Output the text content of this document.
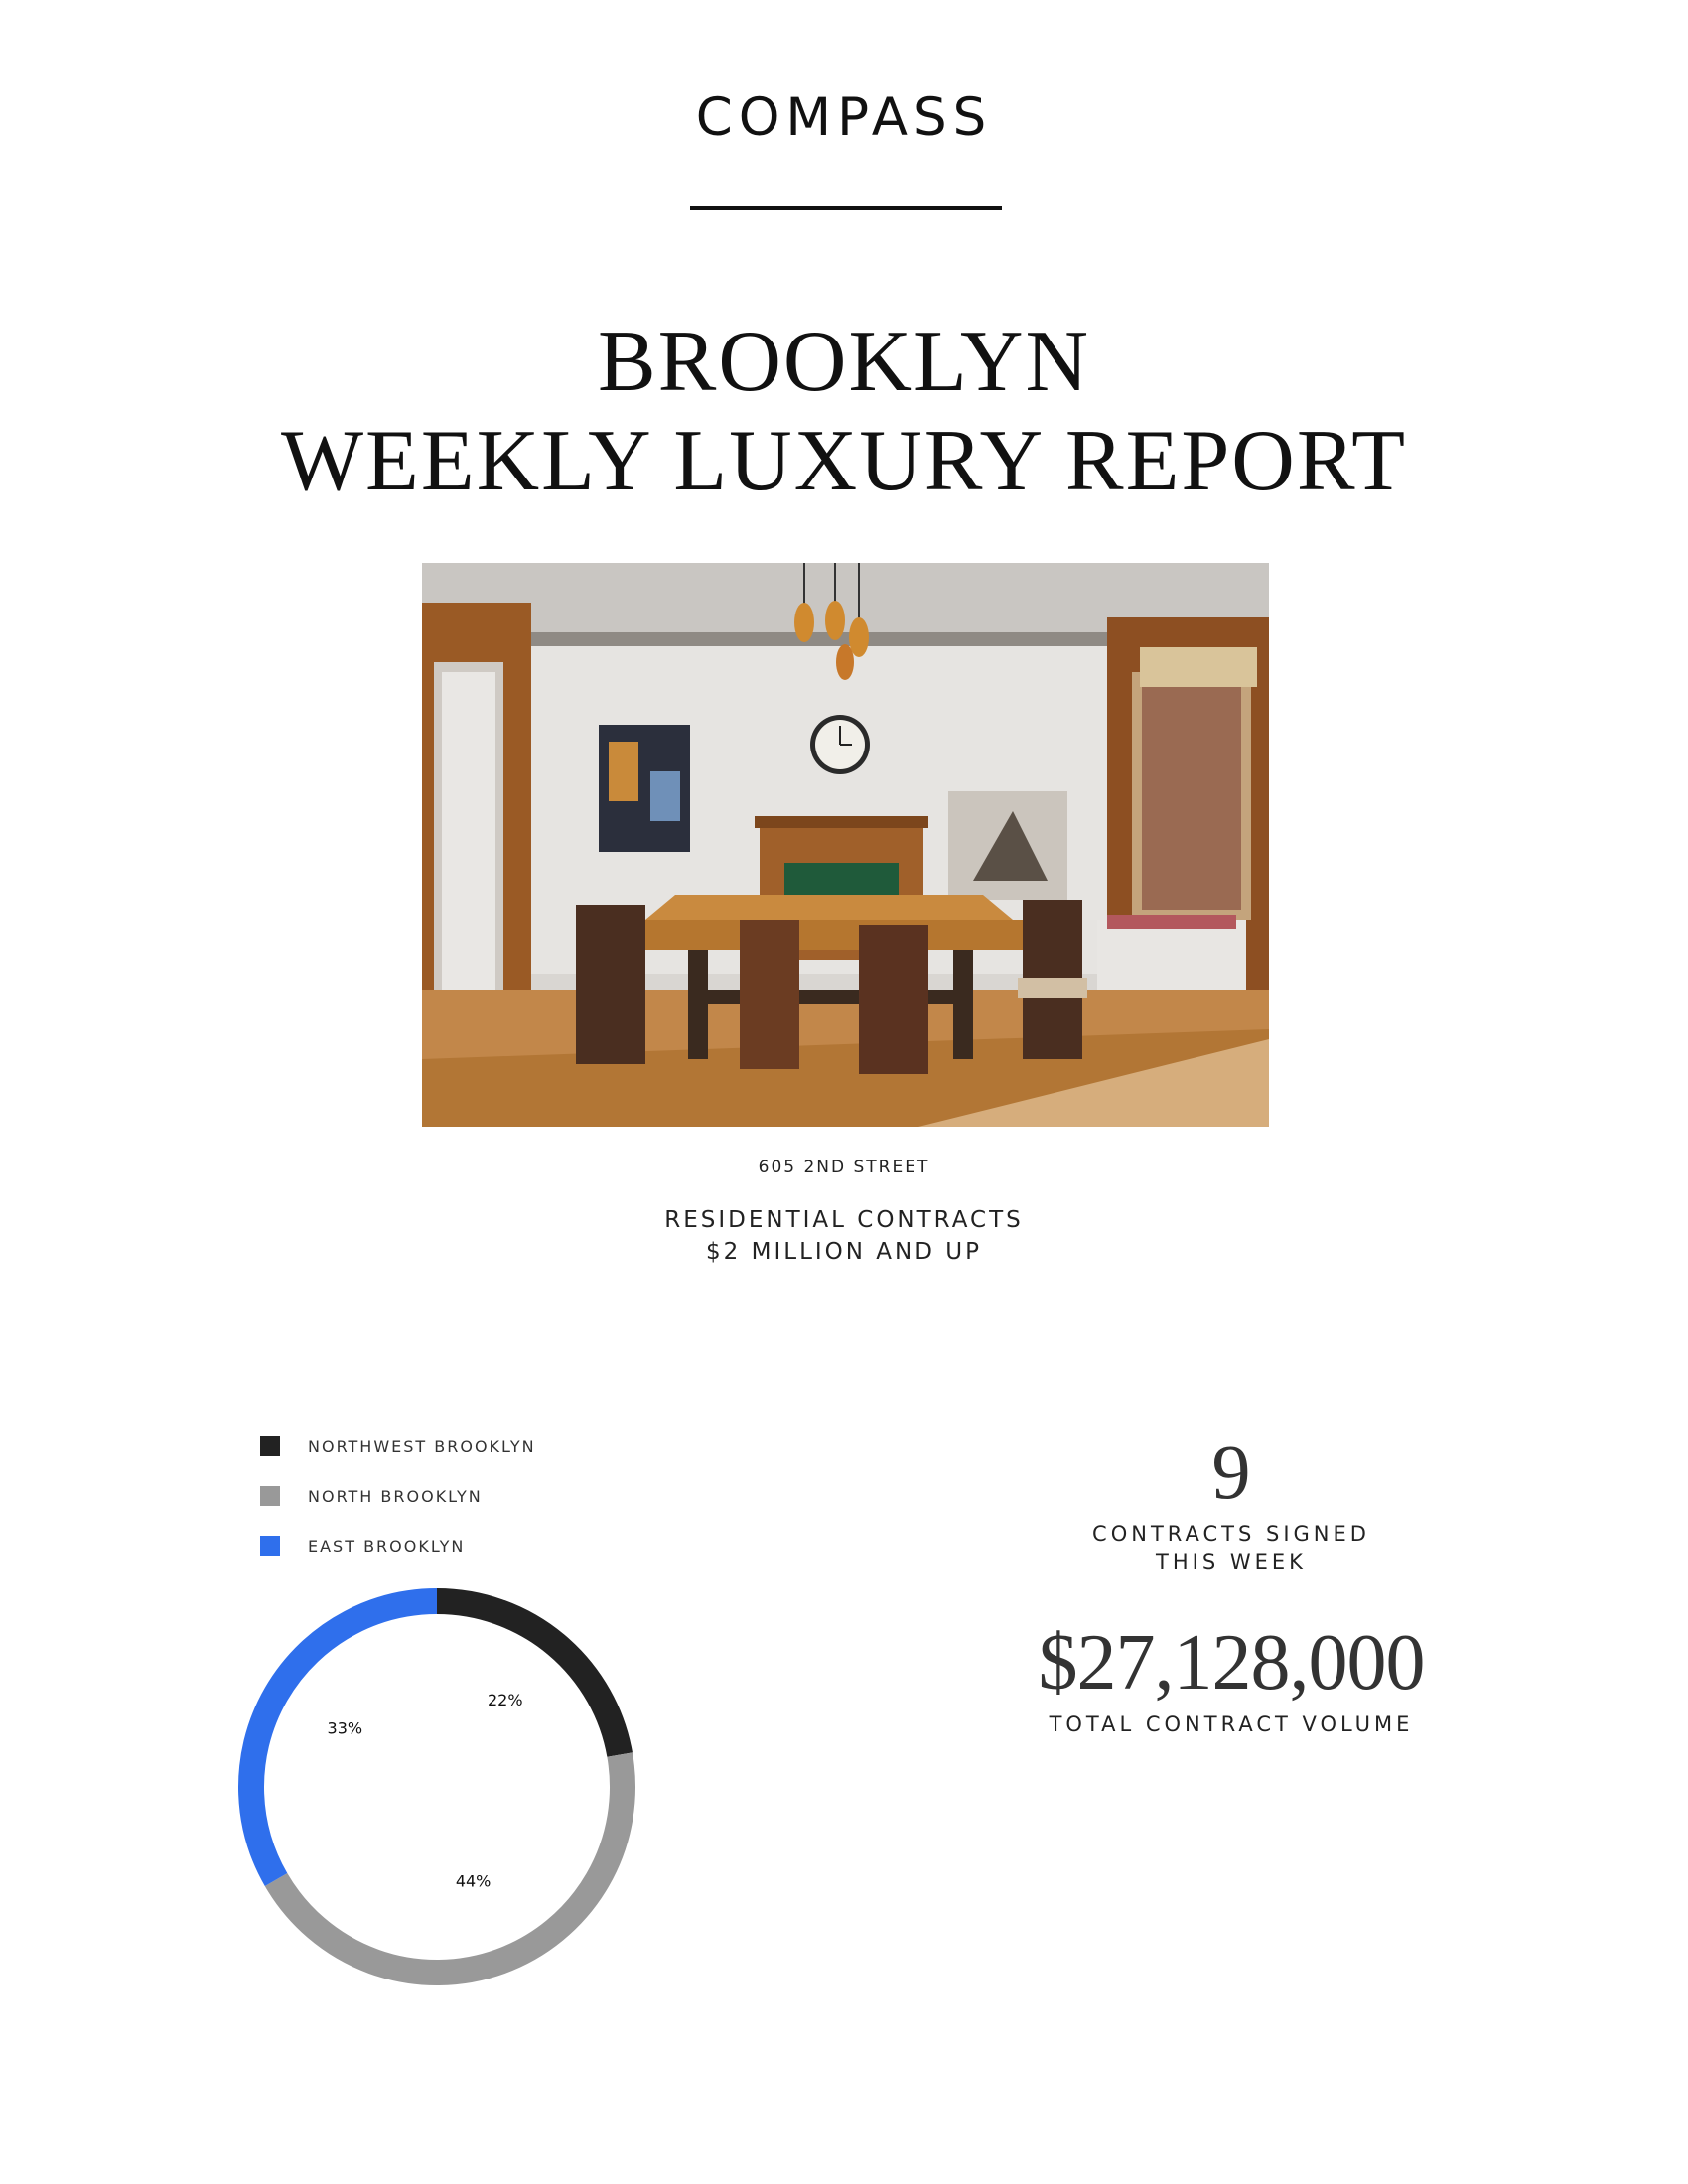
COMPASS
BROOKLYN
WEEKLY LUXURY REPORT
605 2ND STREET
RESIDENTIAL CONTRACTS
$2 MILLION AND UP
NORTHWEST BROOKLYN
NORTH BROOKLYN
EAST BROOKLYN
22%
44%
33%
9
CONTRACTS SIGNED
THIS WEEK
$27,128,000
TOTAL CONTRACT VOLUME
